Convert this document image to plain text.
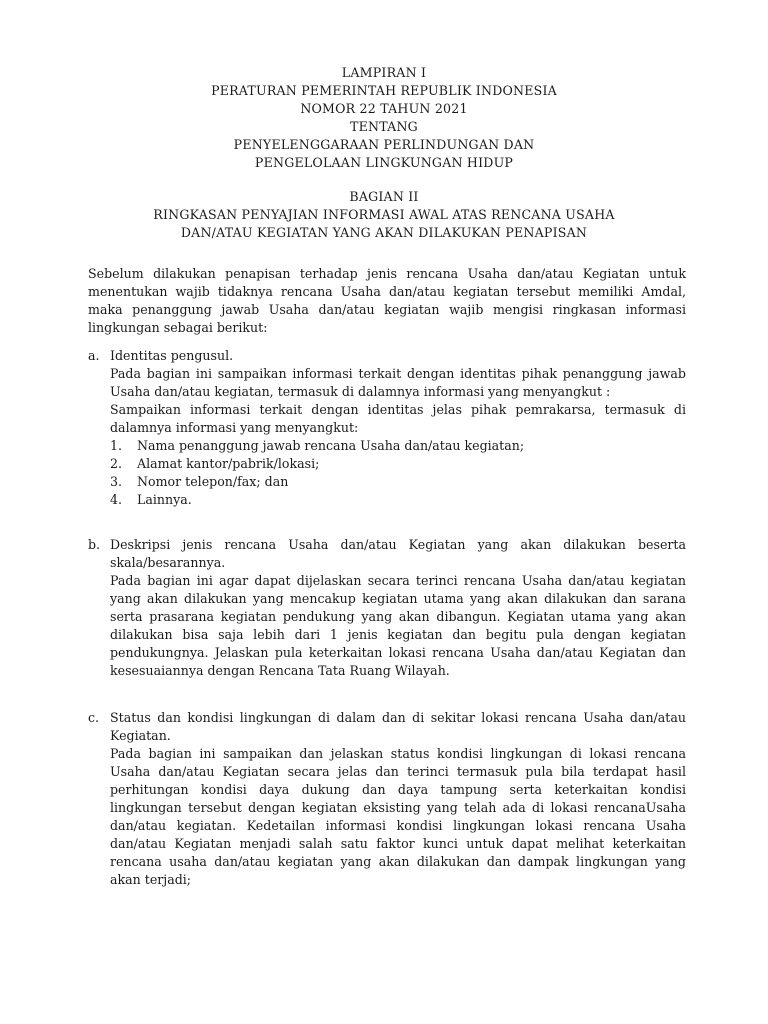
LAMPIRAN I
PERATURAN PEMERINTAH REPUBLIK INDONESIA
NOMOR 22 TAHUN 2021
TENTANG
PENYELENGGARAAN PERLINDUNGAN DAN
PENGELOLAAN LINGKUNGAN HIDUP
BAGIAN II
RINGKASAN PENYAJIAN INFORMASI AWAL ATAS RENCANA USAHA
DAN/ATAU KEGIATAN YANG AKAN DILAKUKAN PENAPISAN

Sebelum dilakukan penapisan terhadap jenis rencana Usaha dan/atau Kegiatan untuk menentukan wajib tidaknya rencana Usaha dan/atau kegiatan tersebut memiliki Amdal, maka penanggung jawab Usaha dan/atau kegiatan wajib mengisi ringkasan informasi lingkungan sebagai berikut:

a. Identitas pengusul.

Pada bagian ini sampaikan informasi terkait dengan identitas pihak penanggung jawab Usaha dan/atau kegiatan, termasuk di dalamnya informasi yang menyangkut :

Sampaikan informasi terkait dengan identitas jelas pihak pemrakarsa, termasuk di dalamnya informasi yang menyangkut:

1.	Nama penanggung jawab rencana Usaha dan/atau kegiatan;
2.	Alamat kantor/pabrik/lokasi;
3.	Nomor telepon/fax; dan
4.	Lainnya.
b. Deskripsi jenis rencana Usaha dan/atau Kegiatan yang akan dilakukan beserta skala/besarannya.

Pada bagian ini agar dapat dijelaskan secara terinci rencana Usaha dan/atau kegiatan yang akan dilakukan yang mencakup kegiatan utama yang akan dilakukan dan sarana serta prasarana kegiatan pendukung yang akan dibangun. Kegiatan utama yang akan dilakukan bisa saja lebih dari 1 jenis kegiatan dan begitu pula dengan kegiatan pendukungnya. Jelaskan pula keterkaitan lokasi rencana Usaha dan/atau Kegiatan dan kesesuaiannya dengan Rencana Tata Ruang Wilayah.

c. Status dan kondisi lingkungan di dalam dan di sekitar lokasi rencana Usaha dan/atau Kegiatan.

Pada bagian ini sampaikan dan jelaskan status kondisi lingkungan di lokasi rencana Usaha dan/atau Kegiatan secara jelas dan terinci termasuk pula bila terdapat hasil perhitungan kondisi daya dukung dan daya tampung serta keterkaitan kondisi lingkungan tersebut dengan kegiatan eksisting yang telah ada di lokasi rencanaUsaha dan/atau kegiatan. Kedetailan informasi kondisi lingkungan lokasi rencana Usaha dan/atau Kegiatan menjadi salah satu faktor kunci untuk dapat melihat keterkaitan rencana usaha dan/atau kegiatan yang akan dilakukan dan dampak lingkungan yang akan terjadi;
